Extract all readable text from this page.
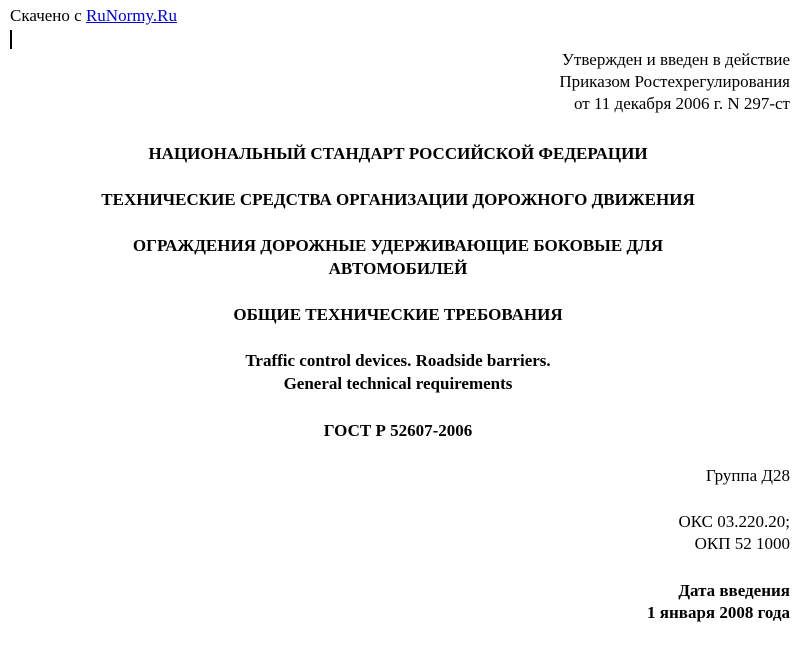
Скачено с RuNormy.Ru
Утвержден и введен в действие
Приказом Ростехрегулирования
от 11 декабря 2006 г. N 297-ст
НАЦИОНАЛЬНЫЙ СТАНДАРТ РОССИЙСКОЙ ФЕДЕРАЦИИ
ТЕХНИЧЕСКИЕ СРЕДСТВА ОРГАНИЗАЦИИ ДОРОЖНОГО ДВИЖЕНИЯ
ОГРАЖДЕНИЯ ДОРОЖНЫЕ УДЕРЖИВАЮЩИЕ БОКОВЫЕ ДЛЯ
АВТОМОБИЛЕЙ
ОБЩИЕ ТЕХНИЧЕСКИЕ ТРЕБОВАНИЯ
Traffic control devices. Roadside barriers.
General technical requirements
ГОСТ Р 52607-2006
Группа Д28
ОКС 03.220.20;
ОКП 52 1000
Дата введения
1 января 2008 года
